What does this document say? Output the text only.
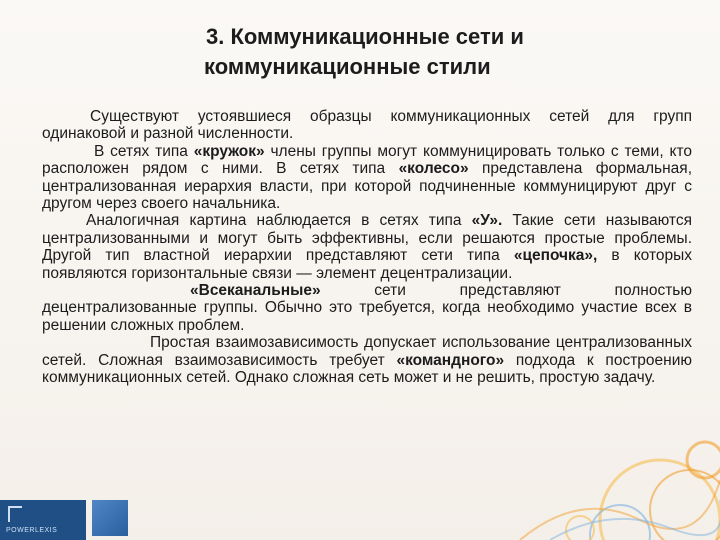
POWERLEXIS
3. Коммуникационные сети и
коммуникационные стили

Существуют устоявшиеся образцы коммуникационных сетей для групп одинаковой и разной численности.

В сетях типа «кружок» члены группы могут коммуницировать только с теми, кто расположен рядом с ними. В сетях типа «колесо» представлена формальная, централизованная иерархия власти, при которой подчиненные коммуницируют друг с другом через своего начальника.

Аналогичная картина наблюдается в сетях типа «У». Такие сети называются централизованными и могут быть эффективны, если решаются простые проблемы. Другой тип властной иерархии представляют сети типа «цепочка», в которых появляются горизонтальные связи — элемент децентрализации.

«Всеканальные» сети представляют полностью децентрализованные группы. Обычно это требуется, когда необходимо участие всех в решении сложных проблем.

Простая взаимозависимость допускает использование централизованных сетей. Сложная взаимозависимость требует «командного» подхода к построению коммуникационных сетей. Однако сложная сеть может и не решить, простую задачу.
